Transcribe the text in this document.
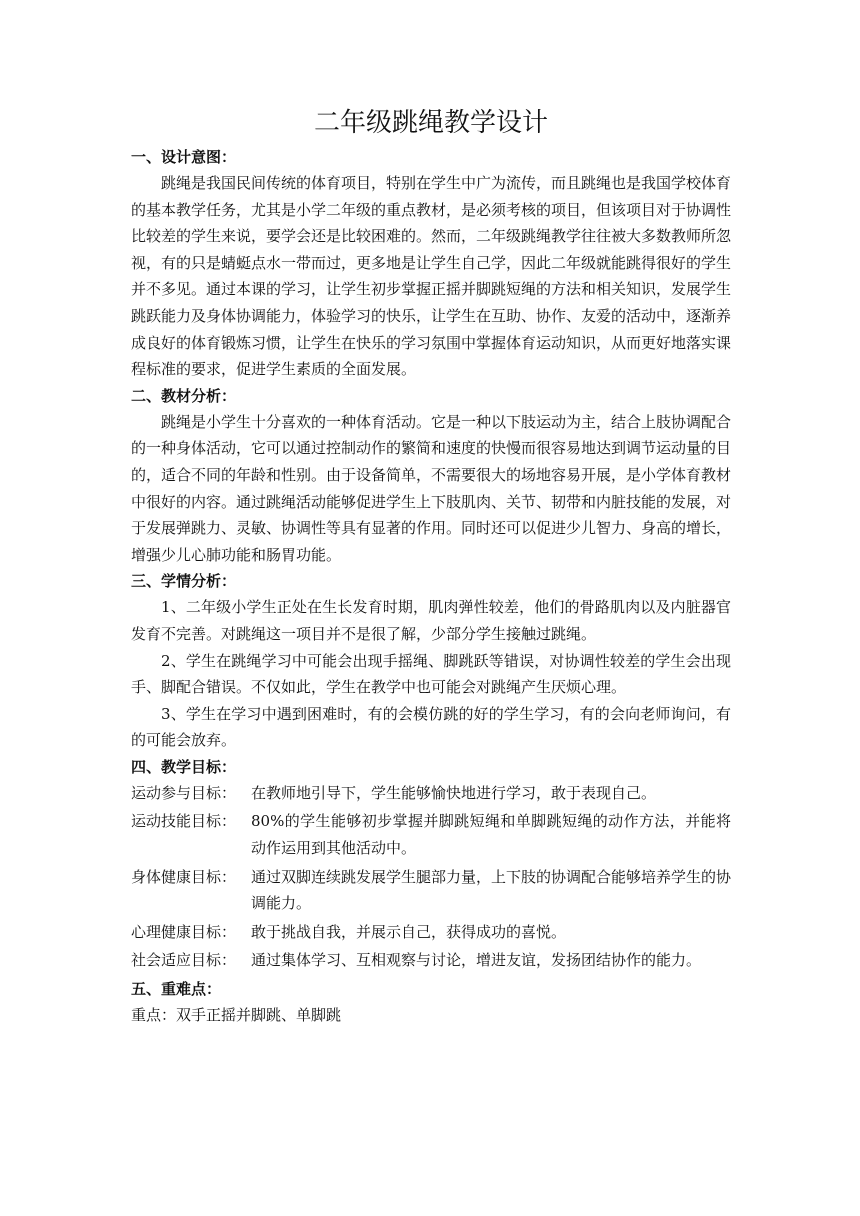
二年级跳绳教学设计

一、设计意图：

跳绳是我国民间传统的体育项目，特别在学生中广为流传，而且跳绳也是我国学校体育的基本教学任务，尤其是小学二年级的重点教材，是必须考核的项目，但该项目对于协调性比较差的学生来说，要学会还是比较困难的。然而，二年级跳绳教学往往被大多数教师所忽视，有的只是蜻蜓点水一带而过，更多地是让学生自己学，因此二年级就能跳得很好的学生并不多见。通过本课的学习，让学生初步掌握正摇并脚跳短绳的方法和相关知识，发展学生跳跃能力及身体协调能力，体验学习的快乐，让学生在互助、协作、友爱的活动中，逐渐养成良好的体育锻炼习惯，让学生在快乐的学习氛围中掌握体育运动知识，从而更好地落实课程标准的要求，促进学生素质的全面发展。

二、教材分析：

跳绳是小学生十分喜欢的一种体育活动。它是一种以下肢运动为主，结合上肢协调配合的一种身体活动，它可以通过控制动作的繁简和速度的快慢而很容易地达到调节运动量的目的，适合不同的年龄和性别。由于设备简单，不需要很大的场地容易开展，是小学体育教材中很好的内容。通过跳绳活动能够促进学生上下肢肌肉、关节、韧带和内脏技能的发展，对于发展弹跳力、灵敏、协调性等具有显著的作用。同时还可以促进少儿智力、身高的增长，增强少儿心肺功能和肠胃功能。

三、学情分析：

1、二年级小学生正处在生长发育时期，肌肉弹性较差，他们的骨路肌肉以及内脏器官发育不完善。对跳绳这一项目并不是很了解，少部分学生接触过跳绳。

2、学生在跳绳学习中可能会出现手摇绳、脚跳跃等错误，对协调性较差的学生会出现手、脚配合错误。不仅如此，学生在教学中也可能会对跳绳产生厌烦心理。

3、学生在学习中遇到困难时，有的会模仿跳的好的学生学习，有的会向老师询问，有的可能会放弃。

四、教学目标：

运动参与目标： 在教师地引导下，学生能够愉快地进行学习，敢于表现自己。
运动技能目标： 80%的学生能够初步掌握并脚跳短绳和单脚跳短绳的动作方法，并能将动作运用到其他活动中。
身体健康目标： 通过双脚连续跳发展学生腿部力量，上下肢的协调配合能够培养学生的协调能力。
心理健康目标： 敢于挑战自我，并展示自己，获得成功的喜悦。
社会适应目标： 通过集体学习、互相观察与讨论，增进友谊，发扬团结协作的能力。

五、重难点：

重点：双手正摇并脚跳、单脚跳
